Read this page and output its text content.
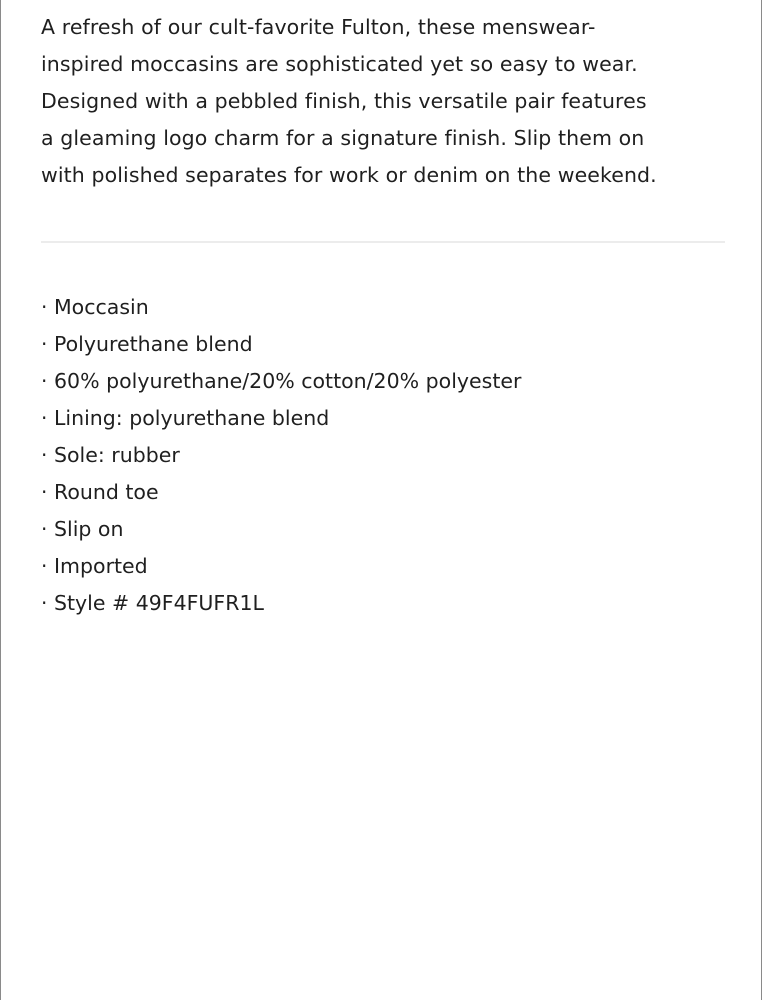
A refresh of our cult-favorite Fulton, these menswear-
inspired moccasins are sophisticated yet so easy to wear.
Designed with a pebbled finish, this versatile pair features
a gleaming logo charm for a signature finish. Slip them on
with polished separates for work or denim on the weekend.

· Moccasin
· Polyurethane blend
· 60% polyurethane/20% cotton/20% polyester
· Lining: polyurethane blend
· Sole: rubber
· Round toe
· Slip on
· Imported
· Style # 49F4FUFR1L
